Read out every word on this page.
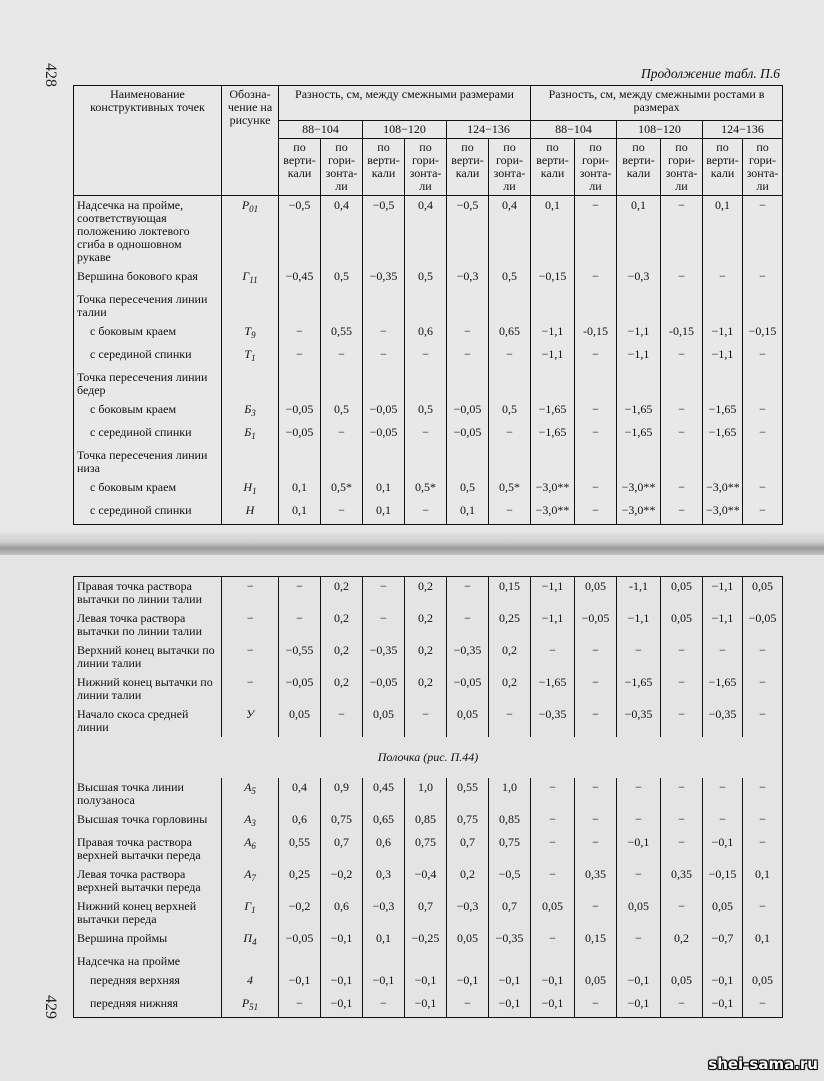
428	Продолжение табл. П.6
429
Наименование конструктивных точек	Обозна-чение на рисунке	Разность, см, между смежными размерами						Разность, см, между смежными ростами в размерах					
		88−104		108−120		124−136		88−104		108−120		124−136	
		по верти-кали	по гори-зонта-ли	по верти-кали	по гори-зонта-ли	по верти-кали	по гори-зонта-ли	по верти-кали	по гори-зонта-ли	по верти-кали	по гори-зонта-ли	по верти-кали	по гори-зонта-ли
Надсечка на пройме, соответствующая положению локтевого сгиба в одношовном рукаве	$P_{01}$	−0,5	0,4	−0,5	0,4	−0,5	0,4	0,1	−	0,1	−	0,1	−
Вершина бокового края	$Г_{11}$	−0,45	0,5	−0,35	0,5	−0,3	0,5	−0,15	−	−0,3	−	−	−
Точка пересечения линии талии													
с боковым краем	$T_9$	−	0,55	−	0,6	−	0,65	−1,1	-0,15	−1,1	-0,15	−1,1	−0,15
с серединой спинки	$T_1$	−	−	−	−	−	−	−1,1	−	−1,1	−	−1,1	−
Точка пересечения линии бедер													
с боковым краем	$Б_3$	−0,05	0,5	−0,05	0,5	−0,05	0,5	−1,65	−	−1,65	−	−1,65	−
с серединой спинки	$Б_1$	−0,05	−	−0,05	−	−0,05	−	−1,65	−	−1,65	−	−1,65	−
Точка пересечения линии низа													
с боковым краем	$Н_1$	0,1	0,5*	0,1	0,5*	0,5	0,5*	−3,0**	−	−3,0**	−	−3,0**	−
с серединой спинки	Н	0,1	−	0,1	−	0,1	−	−3,0**	−	−3,0**	−	−3,0**	−
Правая точка раствора вытачки по линии талии	−	−	0,2	−	0,2	−	0,15	−1,1	0,05	-1,1	0,05	−1,1	0,05
Левая точка раствора вытачки по линии талии	−	−	0,2	−	0,2	−	0,25	−1,1	−0,05	−1,1	0,05	−1,1	−0,05
Верхний конец вытачки по линии талии	−	−0,55	0,2	−0,35	0,2	−0,35	0,2	−	−	−	−	−	−
Нижний конец вытачки по линии талии	−	−0,05	0,2	−0,05	0,2	−0,05	0,2	−1,65	−	−1,65	−	−1,65	−
Начало скоса средней линии	У	0,05	−	0,05	−	0,05	−	−0,35	−	−0,35	−	−0,35	−
Полочка (рис. П.44)													
Высшая точка линии полузаноса	$A_5$	0,4	0,9	0,45	1,0	0,55	1,0	−	−	−	−	−	−
Высшая точка горловины	$A_3$	0,6	0,75	0,65	0,85	0,75	0,85	−	−	−	−	−	−
Правая точка раствора верхней вытачки переда	$A_6$	0,55	0,7	0,6	0,75	0,7	0,75	−	−	−0,1	−	−0,1	−
Левая точка раствора верхней вытачки переда	$A_7$	0,25	−0,2	0,3	−0,4	0,2	−0,5	−	0,35	−	0,35	−0,15	0,1
Нижний конец верхней вытачки переда	$Г_1$	−0,2	0,6	−0,3	0,7	−0,3	0,7	0,05	−	0,05	−	0,05	−
Вершина проймы	$П_4$	−0,05	−0,1	0,1	−0,25	0,05	−0,35	−	0,15	−	0,2	−0,7	0,1
Надсечка на пройме													
передняя верхняя	4	−0,1	−0,1	−0,1	−0,1	−0,1	−0,1	−0,1	0,05	−0,1	0,05	−0,1	0,05
передняя нижняя	$P_{51}$	−	−0,1	−	−0,1	−	−0,1	−0,1	−	−0,1	−	−0,1	−
shei-sama.ru
